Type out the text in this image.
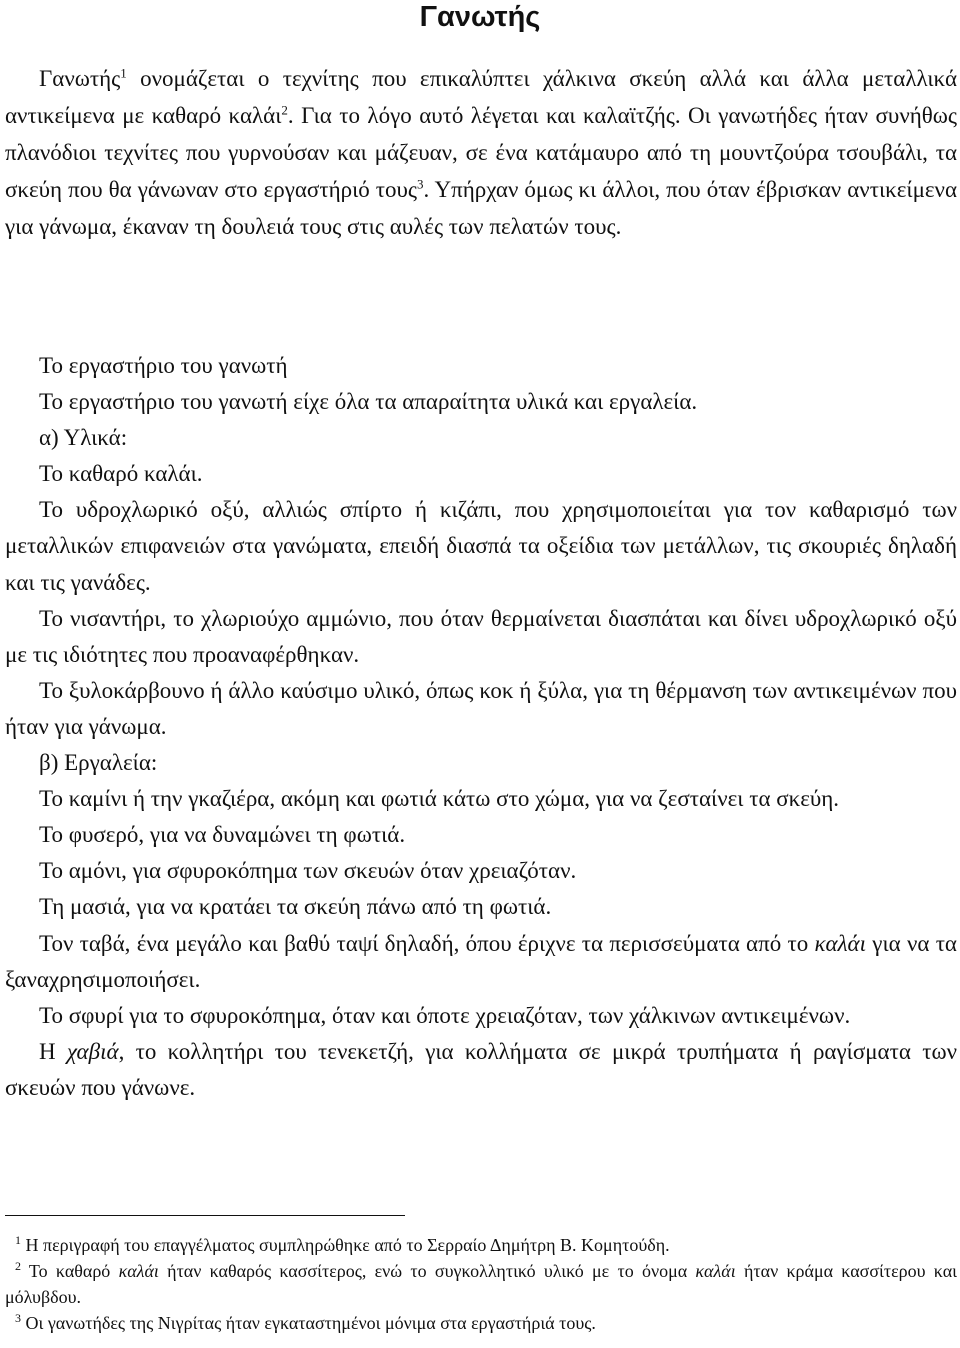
Γανωτής

Γανωτής$^1$ ονομάζεται ο τεχνίτης που επικαλύπτει χάλκινα σκεύη αλλά και άλλα μεταλλικά αντικείμενα με καθαρό καλάι$^2$. Για το λόγο αυτό λέγεται και καλαϊτζής. Οι γανωτήδες ήταν συνήθως πλανόδιοι τεχνίτες που γυρνούσαν και μάζευαν, σε ένα κατάμαυρο από τη μουντζούρα τσουβάλι, τα σκεύη που θα γάνωναν στο εργαστήριό τους$^3$. Υπήρχαν όμως κι άλλοι, που όταν έβρισκαν αντικείμενα για γάνωμα, έκαναν τη δουλειά τους στις αυλές των πελατών τους.

Το εργαστήριο του γανωτή

Το εργαστήριο του γανωτή είχε όλα τα απαραίτητα υλικά και εργαλεία.

α) Υλικά:

Το καθαρό καλάι.

Το υδροχλωρικό οξύ, αλλιώς σπίρτο ή κιζάπι, που χρησιμοποιείται για τον καθαρισμό των μεταλλικών επιφανειών στα γανώματα, επειδή διασπά τα οξείδια των μετάλλων, τις σκουριές δηλαδή και τις γανάδες.

Το νισαντήρι, το χλωριούχο αμμώνιο, που όταν θερμαίνεται διασπάται και δίνει υδροχλωρικό οξύ με τις ιδιότητες που προαναφέρθηκαν.

Το ξυλοκάρβουνο ή άλλο καύσιμο υλικό, όπως κοκ ή ξύλα, για τη θέρμανση των αντικειμένων που ήταν για γάνωμα.

β) Εργαλεία:

Το καμίνι ή την γκαζιέρα, ακόμη και φωτιά κάτω στο χώμα, για να ζεσταίνει τα σκεύη.

Το φυσερό, για να δυναμώνει τη φωτιά.

Το αμόνι, για σφυροκόπημα των σκευών όταν χρειαζόταν.

Τη μασιά, για να κρατάει τα σκεύη πάνω από τη φωτιά.

Τον ταβά, ένα μεγάλο και βαθύ ταψί δηλαδή, όπου έριχνε τα περισσεύματα από το καλάι για να τα ξαναχρησιμοποιήσει.

Το σφυρί για το σφυροκόπημα, όταν και όποτε χρειαζόταν, των χάλκινων αντικειμένων.

Η χαβιά, το κολλητήρι του τενεκετζή, για κολλήματα σε μικρά τρυπήματα ή ραγίσματα των σκευών που γάνωνε.

$^1$ Η περιγραφή του επαγγέλματος συμπληρώθηκε από το Σερραίο Δημήτρη Β. Κομητούδη.

$^2$ Το καθαρό καλάι ήταν καθαρός κασσίτερος, ενώ το συγκολλητικό υλικό με το όνομα καλάι ήταν κράμα κασσίτερου και μόλυβδου.

$^3$ Οι γανωτήδες της Νιγρίτας ήταν εγκαταστημένοι μόνιμα στα εργαστήριά τους.
